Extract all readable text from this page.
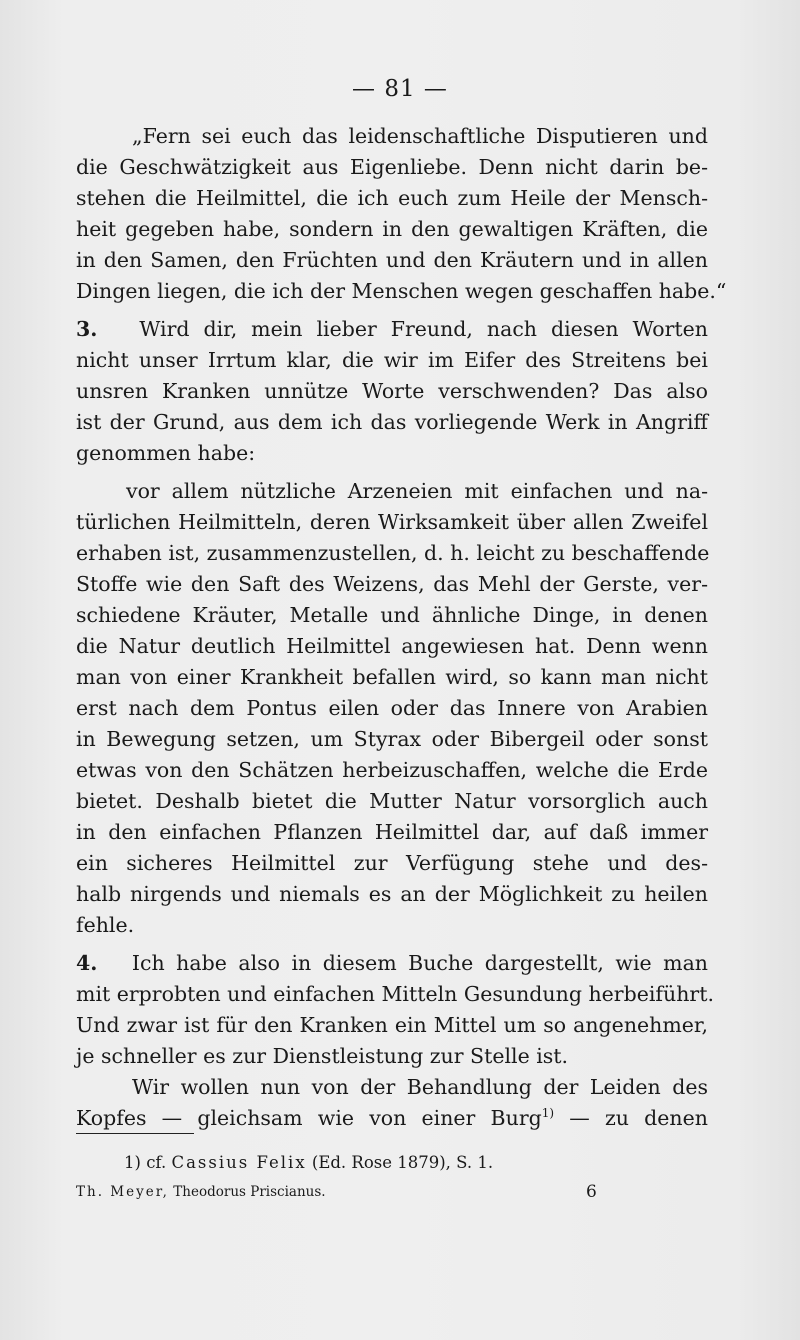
— 81 —
„Fern sei euch das leidenschaftliche Disputieren und
die Geschwätzigkeit aus Eigenliebe. Denn nicht darin be-
stehen die Heilmittel, die ich euch zum Heile der Mensch-
heit gegeben habe, sondern in den gewaltigen Kräften, die
in den Samen, den Früchten und den Kräutern und in allen
Dingen liegen, die ich der Menschen wegen geschaffen habe.“
3. Wird dir, mein lieber Freund, nach diesen Worten
nicht unser Irrtum klar, die wir im Eifer des Streitens bei
unsren Kranken unnütze Worte verschwenden? Das also
ist der Grund, aus dem ich das vorliegende Werk in Angriff
genommen habe:
vor allem nützliche Arzeneien mit einfachen und na-
türlichen Heilmitteln, deren Wirksamkeit über allen Zweifel
erhaben ist, zusammenzustellen, d. h. leicht zu beschaffende
Stoffe wie den Saft des Weizens, das Mehl der Gerste, ver-
schiedene Kräuter, Metalle und ähnliche Dinge, in denen
die Natur deutlich Heilmittel angewiesen hat. Denn wenn
man von einer Krankheit befallen wird, so kann man nicht
erst nach dem Pontus eilen oder das Innere von Arabien
in Bewegung setzen, um Styrax oder Bibergeil oder sonst
etwas von den Schätzen herbeizuschaffen, welche die Erde
bietet. Deshalb bietet die Mutter Natur vorsorglich auch
in den einfachen Pflanzen Heilmittel dar, auf daß immer
ein sicheres Heilmittel zur Verfügung stehe und des-
halb nirgends und niemals es an der Möglichkeit zu heilen
fehle.
4. Ich habe also in diesem Buche dargestellt, wie man
mit erprobten und einfachen Mitteln Gesundung herbeiführt.
Und zwar ist für den Kranken ein Mittel um so angenehmer,
je schneller es zur Dienstleistung zur Stelle ist.
Wir wollen nun von der Behandlung der Leiden des
Kopfes — gleichsam wie von einer Burg$^{1)}$ — zu denen
1) cf. Cassius Felix (Ed. Rose 1879), S. 1.
Th. Meyer, Theodorus Priscianus.	6
